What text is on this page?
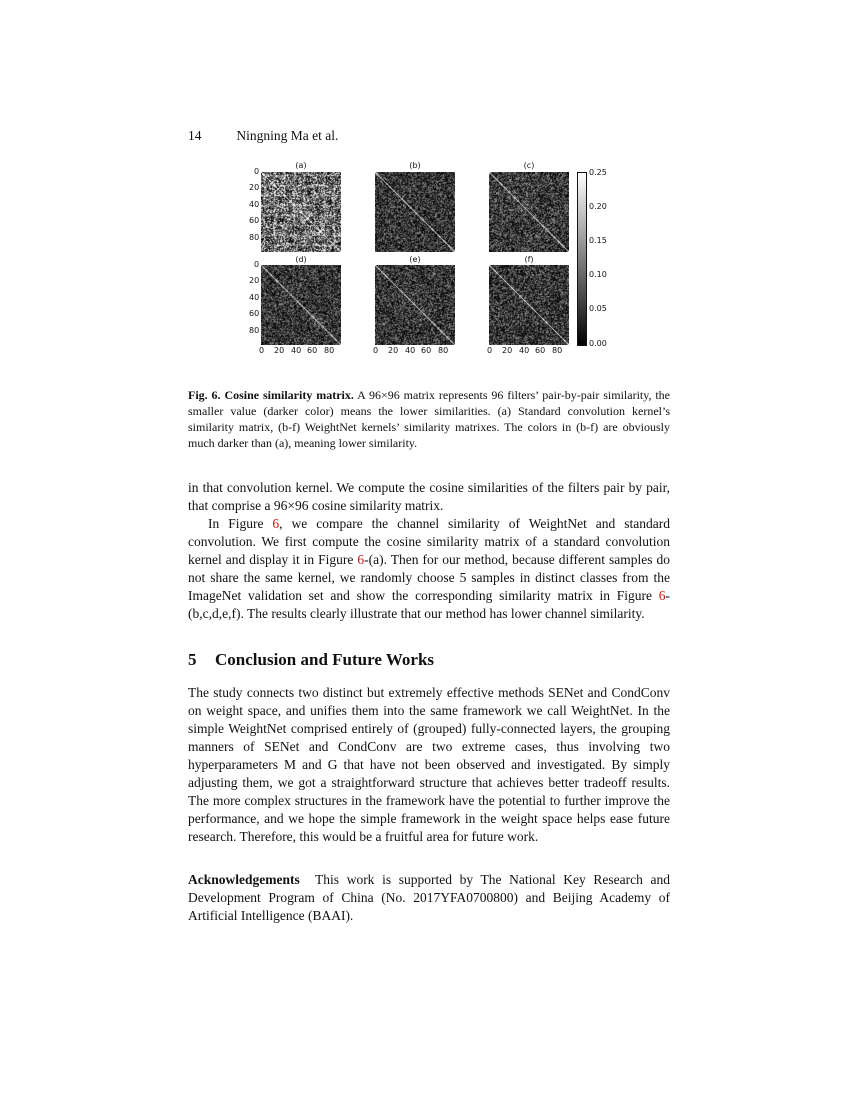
14	Ningning Ma et al.
(a)	(b)	(c)
(d)	(e)	(f)
0
20
40
60
80
0
20
40
60
80
0 20 40 60 80	0 20 40 60 80	0 20 40 60 80
0.25
0.20
0.15
0.10
0.05
0.00
Fig. 6. Cosine similarity matrix. A 96×96 matrix represents 96 filters’ pair-by-pair similarity, the smaller value (darker color) means the lower similarities. (a) Standard convolution kernel’s similarity matrix, (b-f) WeightNet kernels’ similarity matrixes. The colors in (b-f) are obviously much darker than (a), meaning lower similarity.

in that convolution kernel. We compute the cosine similarities of the filters pair by pair, that comprise a 96×96 cosine similarity matrix.

In Figure 6, we compare the channel similarity of WeightNet and standard convolution. We first compute the cosine similarity matrix of a standard convolution kernel and display it in Figure 6-(a). Then for our method, because different samples do not share the same kernel, we randomly choose 5 samples in distinct classes from the ImageNet validation set and show the corresponding similarity matrix in Figure 6-(b,c,d,e,f). The results clearly illustrate that our method has lower channel similarity.

5 Conclusion and Future Works

The study connects two distinct but extremely effective methods SENet and CondConv on weight space, and unifies them into the same framework we call WeightNet. In the simple WeightNet comprised entirely of (grouped) fully-connected layers, the grouping manners of SENet and CondConv are two extreme cases, thus involving two hyperparameters M and G that have not been observed and investigated. By simply adjusting them, we got a straightforward structure that achieves better tradeoff results. The more complex structures in the framework have the potential to further improve the performance, and we hope the simple framework in the weight space helps ease future research. Therefore, this would be a fruitful area for future work.

Acknowledgements This work is supported by The National Key Research and Development Program of China (No. 2017YFA0700800) and Beijing Academy of Artificial Intelligence (BAAI).
